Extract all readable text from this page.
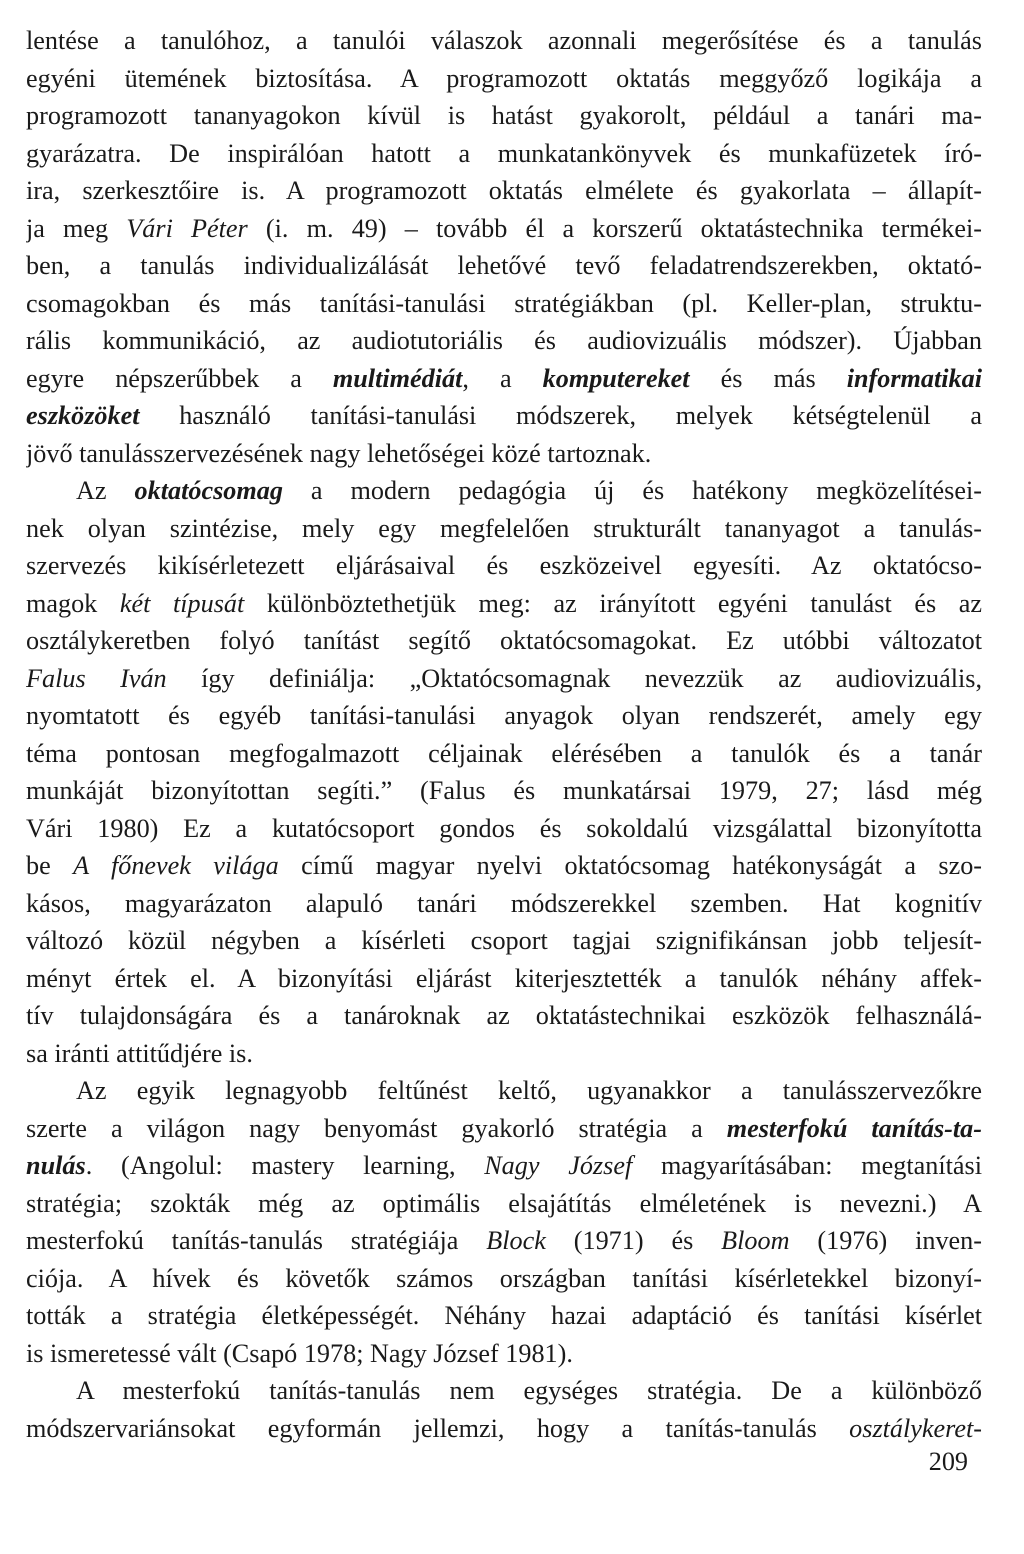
lentése a tanulóhoz, a tanulói válaszok azonnali megerősítése és a tanulás
egyéni ütemének biztosítása. A programozott oktatás meggyőző logikája a
programozott tananyagokon kívül is hatást gyakorolt, például a tanári ma-
gyarázatra. De inspirálóan hatott a munkatankönyvek és munkafüzetek író-
ira, szerkesztőire is. A programozott oktatás elmélete és gyakorlata – állapít-
ja meg Vári Péter (i. m. 49) – tovább él a korszerű oktatástechnika termékei-
ben, a tanulás individualizálását lehetővé tevő feladatrendszerekben, oktató-
csomagokban és más tanítási-tanulási stratégiákban (pl. Keller-plan, struktu-
rális kommunikáció, az audiotutoriális és audiovizuális módszer). Újabban
egyre népszerűbbek a multimédiát, a komputereket és más informatikai
eszközöket használó tanítási-tanulási módszerek, melyek kétségtelenül a
jövő tanulásszervezésének nagy lehetőségei közé tartoznak.
Az oktatócsomag a modern pedagógia új és hatékony megközelítései-
nek olyan szintézise, mely egy megfelelően strukturált tananyagot a tanulás-
szervezés kikísérletezett eljárásaival és eszközeivel egyesíti. Az oktatócso-
magok két típusát különböztethetjük meg: az irányított egyéni tanulást és az
osztálykeretben folyó tanítást segítő oktatócsomagokat. Ez utóbbi változatot
Falus Iván így definiálja: „Oktatócsomagnak nevezzük az audiovizuális,
nyomtatott és egyéb tanítási-tanulási anyagok olyan rendszerét, amely egy
téma pontosan megfogalmazott céljainak elérésében a tanulók és a tanár
munkáját bizonyítottan segíti.” (Falus és munkatársai 1979, 27; lásd még
Vári 1980) Ez a kutatócsoport gondos és sokoldalú vizsgálattal bizonyította
be A főnevek világa című magyar nyelvi oktatócsomag hatékonyságát a szo-
kásos, magyarázaton alapuló tanári módszerekkel szemben. Hat kognitív
változó közül négyben a kísérleti csoport tagjai szignifikánsan jobb teljesít-
ményt értek el. A bizonyítási eljárást kiterjesztették a tanulók néhány affek-
tív tulajdonságára és a tanároknak az oktatástechnikai eszközök felhasználá-
sa iránti attitűdjére is.
Az egyik legnagyobb feltűnést keltő, ugyanakkor a tanulásszervezőkre
szerte a világon nagy benyomást gyakorló stratégia a mesterfokú tanítás-ta-
nulás. (Angolul: mastery learning, Nagy József magyarításában: megtanítási
stratégia; szokták még az optimális elsajátítás elméletének is nevezni.) A
mesterfokú tanítás-tanulás stratégiája Block (1971) és Bloom (1976) inven-
ciója. A hívek és követők számos országban tanítási kísérletekkel bizonyí-
tották a stratégia életképességét. Néhány hazai adaptáció és tanítási kísérlet
is ismeretessé vált (Csapó 1978; Nagy József 1981).
A mesterfokú tanítás-tanulás nem egységes stratégia. De a különböző
módszervariánsokat egyformán jellemzi, hogy a tanítás-tanulás osztálykeret-
209
